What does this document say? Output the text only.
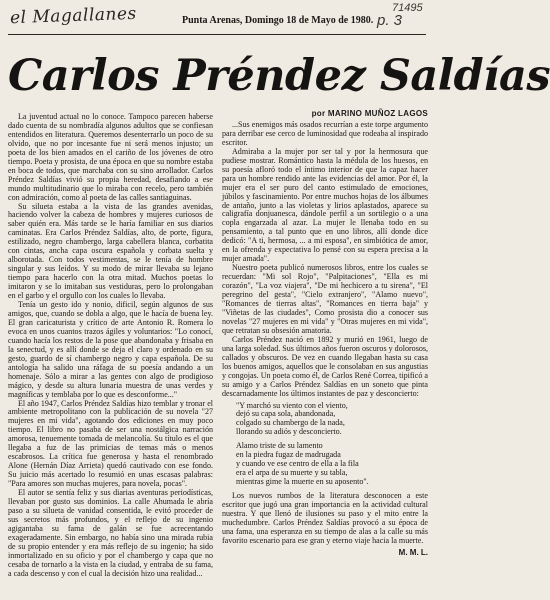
el Magallanes	Punta Arenas, Domingo 18 de Mayo de 1980. p. 3
71495
Carlos Préndez Saldías

La juventud actual no lo conoce. Tampoco parecen haberse dado cuenta de su nombradía algunos adultos que se confiesan entendidos en literatura. Queremos desenterrarlo un poco de su olvido, que no por incesante fue ni será menos injusto; un poeta de los bien amados en el cariño de los jóvenes de otro tiempo. Poeta y prosista, de una época en que su nombre estaba en boca de todos, que marchaba con su sino arrollador. Carlos Préndez Saldías vivió su propia heredad, desafiando a ese mundo multitudinario que lo miraba con recelo, pero también con admiración, como al poeta de las calles santiaguinas.

Su silueta estaba a la vista de las grandes avenidas, haciendo volver la cabeza de hombres y mujeres curiosos de saber quién era. Más tarde se le haría familiar en sus diarios caminatas. Era Carlos Préndez Saldías, alto, de porte, figura, estilizado, negro chambergo, larga cabellera blanca, corbatita con cintas, ancha capa oscura española y corbata suelta y alborotada. Con todos vestimentas, se le tenía de hombre singular y sus leídos. Y su modo de mirar llevaba su lejano tiempo para hacerlo con la otra mitad. Muchos poetas lo imitaron y se lo imitaban sus vestiduras, pero lo prolongaban en el garbo y el orgullo con los cuales lo llevaba.

Tenía un gesto ido y nonio, dificil, según algunos de sus amigos, que, cuando se dobla a algo, que le hacía de buena ley. El gran caricaturista y crítico de arte Antonio R. Romera lo evoca en unos cuantos trazos ágiles y voluntarios: "Lo conocí, cuando hacía los restos de la pose que abandonaba y frisaba en la senectud, y es allí donde se deja el claro y ordenado en su gesto, guardo de sí chambergo negro y capa española. De su antología ha salido una ráfaga de su poesía andando a un homenaje. Sólo a mirar a las gentes con algo de prodigioso mágico, y desde su altura lunaria muestra de unas verdes y magníficas y temblaba por lo que es desconforme..."

El año 1947, Carlos Préndez Saldías hizo temblar y tronar el ambiente metropolitano con la publicación de su novela "27 mujeres en mi vida", agotando dos ediciones en muy poco tiempo. El libro no pasaba de ser una nostálgica narración amorosa, tenuemente tomada de melancolía. Su título es el que llegaba a fuz de las primicias de temas más o menos escabrosos. La crítica fue generosa y hasta el renombrado Alone (Hernán Díaz Arrieta) quedó cautivado con ese fondo. Su juicio más acertado lo resumió en unas escasas palabras: "Para amores son muchas mujeres, para novela, pocas".

El autor se sentía feliz y sus diarias aventuras periodísticas, llevaban por gusto sus dominios. La calle Ahumada le abría paso a su silueta de vanidad consentida, le evitó proceder de sus secretos más profundos, y el reflejo de su ingenio agigantaba su fama de galán se fue acrecentando exageradamente. Sin embargo, no había sino una mirada rubia de su propio entender y era más reflejo de su ingenio; ha sido inmortalizado en su oficio y por el chambergo y capa que no cesaba de tornarlo a la vista en la ciudad, y entraba de su fama, a cada descenso y con el cual la decisión hizo una realidad...

por MARINO MUÑOZ LAGOS

...Sus enemigos más osados recurrían a este torpe argumento para derribar ese cerco de luminosidad que rodeaba al inspirado escritor.

Admiraba a la mujer por ser tal y por la hermosura que pudiese mostrar. Romántico hasta la médula de los huesos, en su poesía afloró todo el íntimo interior de que la capaz hacer para un hombre rendido ante las evidencias del amor. Por él, la mujer era el ser puro del canto estimulado de emociones, júbilos y fascinamiento. Por entre muchos hojas de los álbumes de antaño, junto a las violetas y lirios aplastados, aparece su caligrafía donjuanesca, dándole perfil a un sortilegio o a una copla engarzada al azar. La mujer le llenaba todo en su pensamiento, a tal punto que en uno libros, allí donde dice dedicó: "A ti, hermosa, ... a mi esposa", en simbiótica de amor, en la ofrenda y expectativa lo pensé con su espera precisa a la mujer amada".

Nuestro poeta publicó numerosos libros, entre los cuales se recuerdan: "Mi sol Rojo", "Palpitaciones", "Ella es mi corazón", "La voz viajera", "De mi hechicero a tu sirena", "El peregrino del gesta", "Cielo extranjero", "Alamo nuevo", "Romances de tierras altas", "Romances en tierra baja" y "Viñetas de las ciudades", Como prosista dio a conocer sus novelas "27 mujeres en mi vida" y "Otras mujeres en mi vida", que retratan su obsesión amatoria.

Carlos Préndez nació en 1892 y murió en 1961, luego de una larga soledad. Sus últimos años fueron oscuros y dolorosos, callados y obscuros. De vez en cuando llegaban hasta su casa los buenos amigos, aquellos que le consolaban en sus angustias y congojas. Un poeta como él, de Carlos René Correa, tipificó a su amigo y a Carlos Préndez Saldías en un soneto que pinta descarnadamente los últimos instantes de paz y desconcierto:

"Y marchó su viento con el viento,
dejó su capa sola, abandonada,
colgado su chambergo de la nada,
llorando su adiós y desconcierto.
Alamo triste de su lamento
en la piedra fugaz de madrugada
y cuando ve ese centro de ella a la fila
era el arpa de su muerte y su tabla,
mientras gime la muerte en su aposento".

Los nuevos rumbos de la literatura desconocen a este escritor que jugó una gran importancia en la actividad cultural nuestra. Y que llenó de ilusiones su paso y el mito entre la muchedumbre. Carlos Préndez Saldías provocó a su época de una fama, una esperanza en su tiempo de alas a la calle su más favorito escenario para ese gran y eterno viaje hacia la muerte.

M. M. L.
